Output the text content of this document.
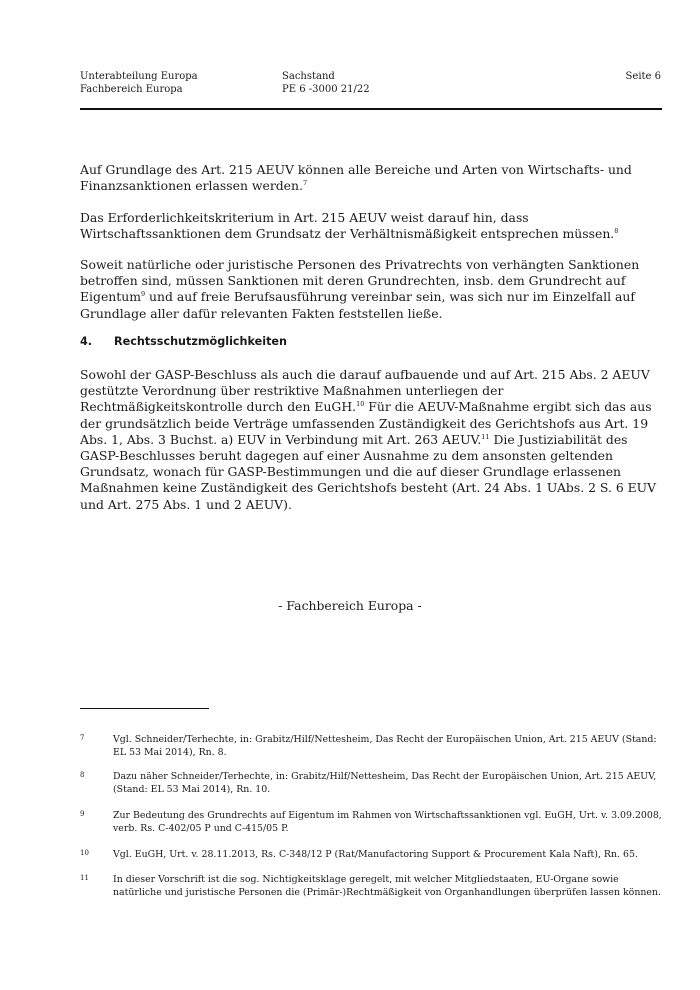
Unterabteilung Europa
Fachbereich Europa
Sachstand
PE 6 -3000 21/22
Seite 6

Auf Grundlage des Art. 215 AEUV können alle Bereiche und Arten von Wirtschafts- und Finanzsanktionen erlassen werden.$^7$

Das Erforderlichkeitskriterium in Art. 215 AEUV weist darauf hin, dass Wirtschaftssanktionen dem Grundsatz der Verhältnismäßigkeit entsprechen müssen.$^8$

Soweit natürliche oder juristische Personen des Privatrechts von verhängten Sanktionen betroffen sind, müssen Sanktionen mit deren Grundrechten, insb. dem Grundrecht auf Eigentum$^9$ und auf freie Berufsausführung vereinbar sein, was sich nur im Einzelfall auf Grundlage aller dafür relevanten Fakten feststellen ließe.

4. Rechtsschutzmöglichkeiten

Sowohl der GASP-Beschluss als auch die darauf aufbauende und auf Art. 215 Abs. 2 AEUV gestützte Verordnung über restriktive Maßnahmen unterliegen der Rechtmäßigkeitskontrolle durch den EuGH.$^{10}$ Für die AEUV-Maßnahme ergibt sich das aus der grundsätzlich beide Verträge umfassenden Zuständigkeit des Gerichtshofs aus Art. 19 Abs. 1, Abs. 3 Buchst. a) EUV in Verbindung mit Art. 263 AEUV.$^{11}$ Die Justiziabilität des GASP-Beschlusses beruht dagegen auf einer Ausnahme zu dem ansonsten geltenden Grundsatz, wonach für GASP-Bestimmungen und die auf dieser Grundlage erlassenen Maßnahmen keine Zuständigkeit des Gerichtshofs besteht (Art. 24 Abs. 1 UAbs. 2 S. 6 EUV und Art. 275 Abs. 1 und 2 AEUV).

- Fachbereich Europa -
7	Vgl. Schneider/Terhechte, in: Grabitz/Hilf/Nettesheim, Das Recht der Europäischen Union, Art. 215 AEUV (Stand: EL 53 Mai 2014), Rn. 8.
8	Dazu näher Schneider/Terhechte, in: Grabitz/Hilf/Nettesheim, Das Recht der Europäischen Union, Art. 215 AEUV, (Stand: EL 53 Mai 2014), Rn. 10.
9	Zur Bedeutung des Grundrechts auf Eigentum im Rahmen von Wirtschaftssanktionen vgl. EuGH, Urt. v. 3.09.2008, verb. Rs. C-402/05 P und C-415/05 P.
10	Vgl. EuGH, Urt. v. 28.11.2013, Rs. C-348/12 P (Rat/Manufactoring Support & Procurement Kala Naft), Rn. 65.
11	In dieser Vorschrift ist die sog. Nichtigkeitsklage geregelt, mit welcher Mitgliedstaaten, EU-Organe sowie natürliche und juristische Personen die (Primär-)Rechtmäßigkeit von Organhandlungen überprüfen lassen können.
